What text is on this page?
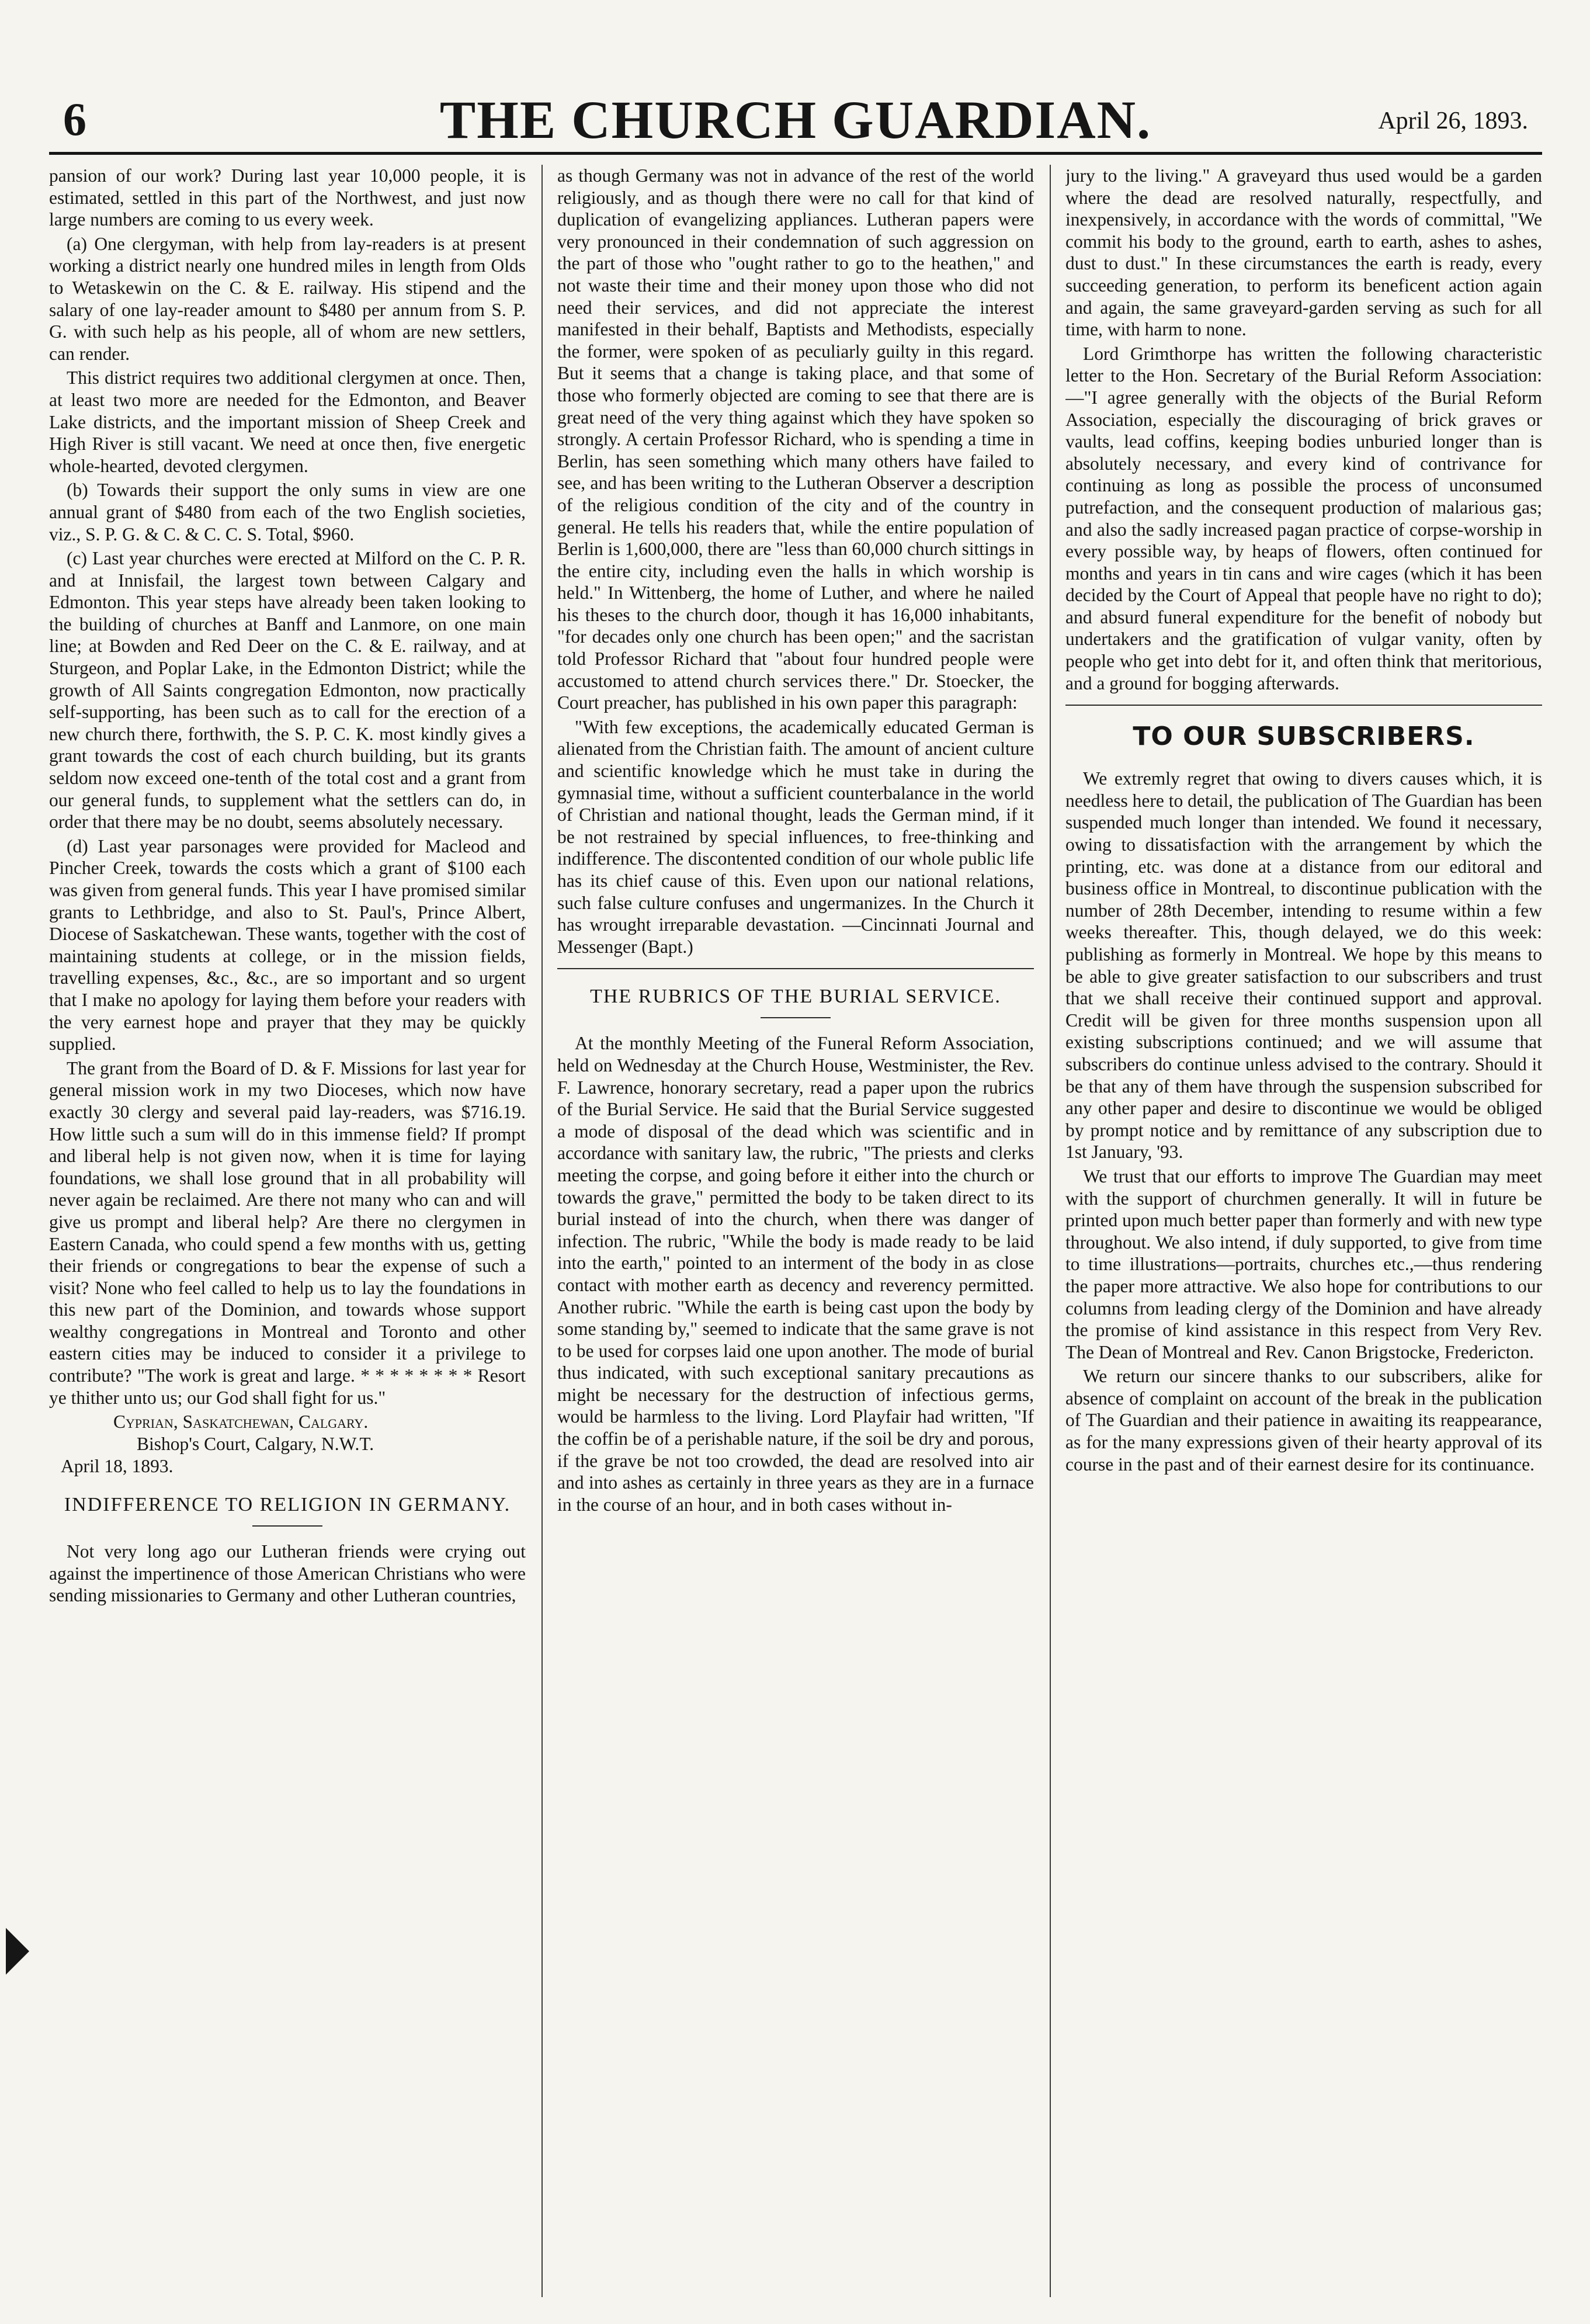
6	THE CHURCH GUARDIAN.	April 26, 1893.

pansion of our work? During last year 10,000 people, it is estimated, settled in this part of the Northwest, and just now large numbers are coming to us every week.

(a) One clergyman, with help from lay-readers is at present working a district nearly one hundred miles in length from Olds to Wetaskewin on the C. & E. railway. His stipend and the salary of one lay-reader amount to $480 per annum from S. P. G. with such help as his people, all of whom are new settlers, can render.

This district requires two additional clergymen at once. Then, at least two more are needed for the Edmonton, and Beaver Lake districts, and the important mission of Sheep Creek and High River is still vacant. We need at once then, five energetic whole-hearted, devoted clergymen.

(b) Towards their support the only sums in view are one annual grant of $480 from each of the two English societies, viz., S. P. G. & C. & C. C. S. Total, $960.

(c) Last year churches were erected at Milford on the C. P. R. and at Innisfail, the largest town between Calgary and Edmonton. This year steps have already been taken looking to the building of churches at Banff and Lanmore, on one main line; at Bowden and Red Deer on the C. & E. railway, and at Sturgeon, and Poplar Lake, in the Edmonton District; while the growth of All Saints congregation Edmonton, now practically self-supporting, has been such as to call for the erection of a new church there, forthwith, the S. P. C. K. most kindly gives a grant towards the cost of each church building, but its grants seldom now exceed one-tenth of the total cost and a grant from our general funds, to supplement what the settlers can do, in order that there may be no doubt, seems absolutely necessary.

(d) Last year parsonages were provided for Macleod and Pincher Creek, towards the costs which a grant of $100 each was given from general funds. This year I have promised similar grants to Lethbridge, and also to St. Paul's, Prince Albert, Diocese of Saskatchewan. These wants, together with the cost of maintaining students at college, or in the mission fields, travelling expenses, &c., &c., are so important and so urgent that I make no apology for laying them before your readers with the very earnest hope and prayer that they may be quickly supplied.

The grant from the Board of D. & F. Missions for last year for general mission work in my two Dioceses, which now have exactly 30 clergy and several paid lay-readers, was $716.19. How little such a sum will do in this immense field? If prompt and liberal help is not given now, when it is time for laying foundations, we shall lose ground that in all probability will never again be reclaimed. Are there not many who can and will give us prompt and liberal help? Are there no clergymen in Eastern Canada, who could spend a few months with us, getting their friends or congregations to bear the expense of such a visit? None who feel called to help us to lay the foundations in this new part of the Dominion, and towards whose support wealthy congregations in Montreal and Toronto and other eastern cities may be induced to consider it a privilege to contribute? "The work is great and large. * * * * * * * * Resort ye thither unto us; our God shall fight for us."

Cyprian, Saskatchewan, Calgary.
Bishop's Court, Calgary, N.W.T.
April 18, 1893.
INDIFFERENCE TO RELIGION IN GERMANY.

Not very long ago our Lutheran friends were crying out against the impertinence of those American Christians who were sending missionaries to Germany and other Lutheran countries,

as though Germany was not in advance of the rest of the world religiously, and as though there were no call for that kind of duplication of evangelizing appliances. Lutheran papers were very pronounced in their condemnation of such aggression on the part of those who "ought rather to go to the heathen," and not waste their time and their money upon those who did not need their services, and did not appreciate the interest manifested in their behalf, Baptists and Methodists, especially the former, were spoken of as peculiarly guilty in this regard. But it seems that a change is taking place, and that some of those who formerly objected are coming to see that there are is great need of the very thing against which they have spoken so strongly. A certain Professor Richard, who is spending a time in Berlin, has seen something which many others have failed to see, and has been writing to the Lutheran Observer a description of the religious condition of the city and of the country in general. He tells his readers that, while the entire population of Berlin is 1,600,000, there are "less than 60,000 church sittings in the entire city, including even the halls in which worship is held." In Wittenberg, the home of Luther, and where he nailed his theses to the church door, though it has 16,000 inhabitants, "for decades only one church has been open;" and the sacristan told Professor Richard that "about four hundred people were accustomed to attend church services there." Dr. Stoecker, the Court preacher, has published in his own paper this paragraph:

"With few exceptions, the academically educated German is alienated from the Christian faith. The amount of ancient culture and scientific knowledge which he must take in during the gymnasial time, without a sufficient counterbalance in the world of Christian and national thought, leads the German mind, if it be not restrained by special influences, to free-thinking and indifference. The discontented condition of our whole public life has its chief cause of this. Even upon our national relations, such false culture confuses and ungermanizes. In the Church it has wrought irreparable devastation. —Cincinnati Journal and Messenger (Bapt.)

THE RUBRICS OF THE BURIAL SERVICE.

At the monthly Meeting of the Funeral Reform Association, held on Wednesday at the Church House, Westminister, the Rev. F. Lawrence, honorary secretary, read a paper upon the rubrics of the Burial Service. He said that the Burial Service suggested a mode of disposal of the dead which was scientific and in accordance with sanitary law, the rubric, "The priests and clerks meeting the corpse, and going before it either into the church or towards the grave," permitted the body to be taken direct to its burial instead of into the church, when there was danger of infection. The rubric, "While the body is made ready to be laid into the earth," pointed to an interment of the body in as close contact with mother earth as decency and reverency permitted. Another rubric. "While the earth is being cast upon the body by some standing by," seemed to indicate that the same grave is not to be used for corpses laid one upon another. The mode of burial thus indicated, with such exceptional sanitary precautions as might be necessary for the destruction of infectious germs, would be harmless to the living. Lord Playfair had written, "If the coffin be of a perishable nature, if the soil be dry and porous, if the grave be not too crowded, the dead are resolved into air and into ashes as certainly in three years as they are in a furnace in the course of an hour, and in both cases without in-

jury to the living." A graveyard thus used would be a garden where the dead are resolved naturally, respectfully, and inexpensively, in accordance with the words of committal, "We commit his body to the ground, earth to earth, ashes to ashes, dust to dust." In these circumstances the earth is ready, every succeeding generation, to perform its beneficent action again and again, the same graveyard-garden serving as such for all time, with harm to none.

Lord Grimthorpe has written the following characteristic letter to the Hon. Secretary of the Burial Reform Association:—"I agree generally with the objects of the Burial Reform Association, especially the discouraging of brick graves or vaults, lead coffins, keeping bodies unburied longer than is absolutely necessary, and every kind of contrivance for continuing as long as possible the process of unconsumed putrefaction, and the consequent production of malarious gas; and also the sadly increased pagan practice of corpse-worship in every possible way, by heaps of flowers, often continued for months and years in tin cans and wire cages (which it has been decided by the Court of Appeal that people have no right to do); and absurd funeral expenditure for the benefit of nobody but undertakers and the gratification of vulgar vanity, often by people who get into debt for it, and often think that meritorious, and a ground for bogging afterwards.

TO OUR SUBSCRIBERS.

We extremly regret that owing to divers causes which, it is needless here to detail, the publication of The Guardian has been suspended much longer than intended. We found it necessary, owing to dissatisfaction with the arrangement by which the printing, etc. was done at a distance from our editoral and business office in Montreal, to discontinue publication with the number of 28th December, intending to resume within a few weeks thereafter. This, though delayed, we do this week: publishing as formerly in Montreal. We hope by this means to be able to give greater satisfaction to our subscribers and trust that we shall receive their continued support and approval. Credit will be given for three months suspension upon all existing subscriptions continued; and we will assume that subscribers do continue unless advised to the contrary. Should it be that any of them have through the suspension subscribed for any other paper and desire to discontinue we would be obliged by prompt notice and by remittance of any subscription due to 1st January, '93.

We trust that our efforts to improve The Guardian may meet with the support of churchmen generally. It will in future be printed upon much better paper than formerly and with new type throughout. We also intend, if duly supported, to give from time to time illustrations—portraits, churches etc.,—thus rendering the paper more attractive. We also hope for contributions to our columns from leading clergy of the Dominion and have already the promise of kind assistance in this respect from Very Rev. The Dean of Montreal and Rev. Canon Brigstocke, Fredericton.

We return our sincere thanks to our subscribers, alike for absence of complaint on account of the break in the publication of The Guardian and their patience in awaiting its reappearance, as for the many expressions given of their hearty approval of its course in the past and of their earnest desire for its continuance.
